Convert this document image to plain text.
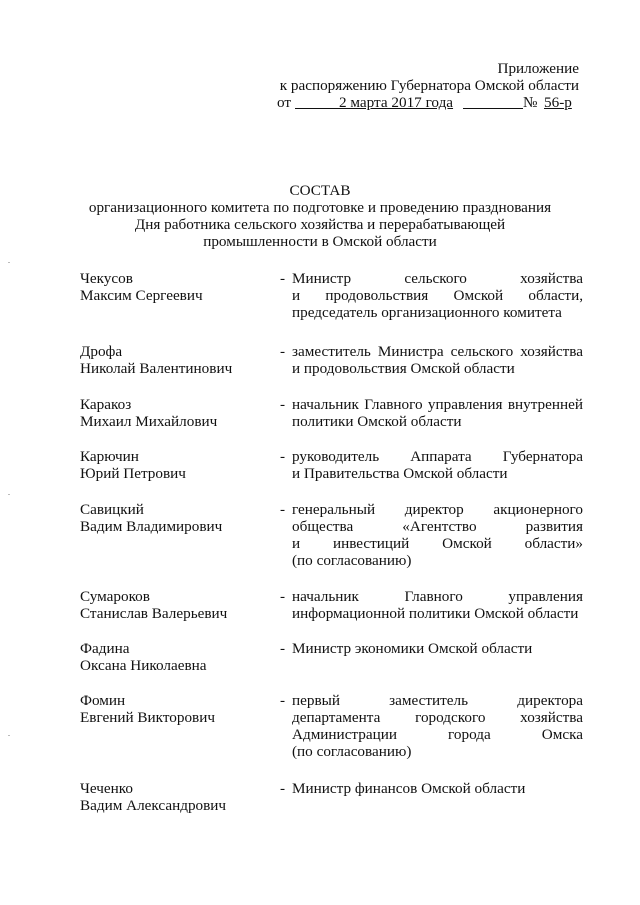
Приложение
к распоряжению Губернатора Омской области
от	2 марта 2017 года	№ 56-р
СОСТАВ
организационного комитета по подготовке и проведению празднования
Дня работника сельского хозяйства и перерабатывающей
промышленности в Омской области
Чекусов
Максим Сергеевич
- Министр сельского хозяйства
и продовольствия Омской области,
председатель организационного комитета
Дрофа
Николай Валентинович
- заместитель Министра сельского хозяйства
и продовольствия Омской области
Каракоз
Михаил Михайлович
- начальник Главного управления внутренней
политики Омской области
Карючин
Юрий Петрович
- руководитель Аппарата Губернатора
и Правительства Омской области
Савицкий
Вадим Владимирович
- генеральный директор акционерного
общества «Агентство развития
и инвестиций Омской области»
(по согласованию)
Сумароков
Станислав Валерьевич
- начальник Главного управления
информационной политики Омской области
Фадина
Оксана Николаевна
- Министр экономики Омской области
Фомин
Евгений Викторович
- первый заместитель директора
департамента городского хозяйства
Администрации города Омска
(по согласованию)
Чеченко
Вадим Александрович
- Министр финансов Омской области
